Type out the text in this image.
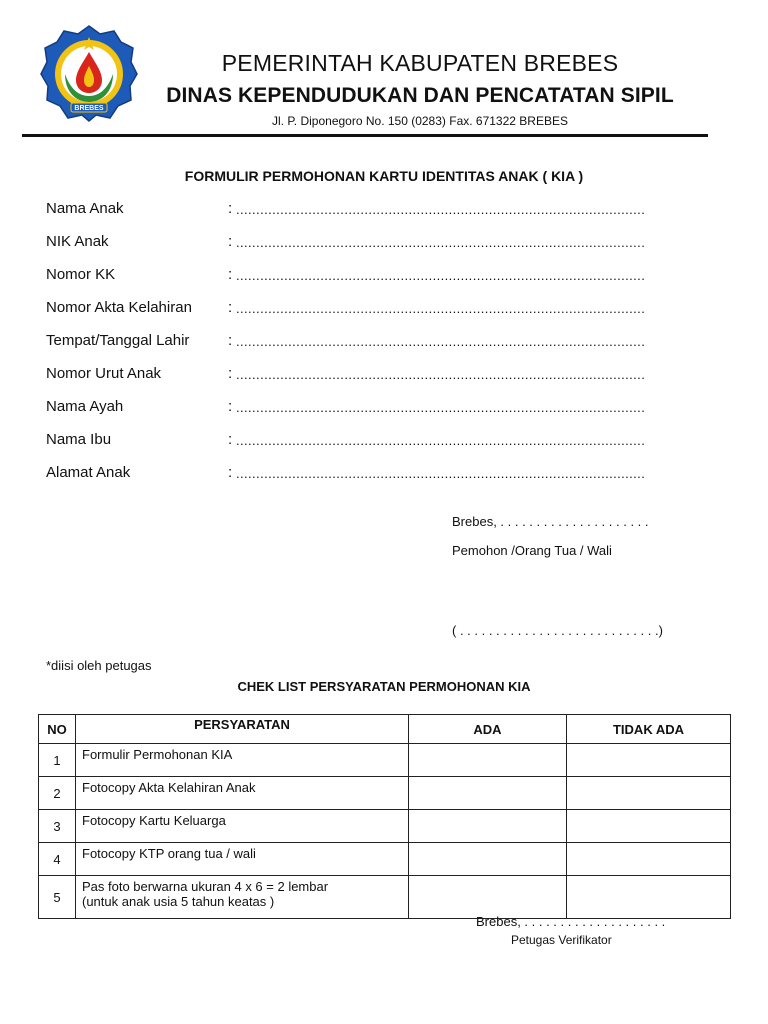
BREBES
PEMERINTAH KABUPATEN BREBES
DINAS KEPENDUDUKAN DAN PENCATATAN SIPIL
Jl. P. Diponegoro No. 150 (0283) Fax. 671322 BREBES
FORMULIR PERMOHONAN KARTU IDENTITAS ANAK ( KIA )
Nama Anak	: ......................................................................................................
NIK Anak	: ......................................................................................................
Nomor KK	: ......................................................................................................
Nomor Akta Kelahiran : ......................................................................................................
Tempat/Tanggal Lahir	: ......................................................................................................
Nomor Urut Anak	: ......................................................................................................
Nama Ayah	: ......................................................................................................
Nama Ibu	: ......................................................................................................
Alamat Anak	: ......................................................................................................
Brebes, . . . . . . . . . . . . . . . . . . . . .
Pemohon /Orang Tua / Wali
( . . . . . . . . . . . . . . . . . . . . . . . . . . . .)
*diisi oleh petugas
CHEK LIST PERSYARATAN PERMOHONAN KIA
NO	PERSYARATAN	ADA	TIDAK ADA
1	Formulir Permohonan KIA		
2	Fotocopy Akta Kelahiran Anak		
3	Fotocopy Kartu Keluarga		
4	Fotocopy KTP orang tua / wali		
5	Pas foto berwarna ukuran 4 x 6 = 2 lembar
(untuk anak usia 5 tahun keatas )		

Brebes, . . . . . . . . . . . . . . . . . . . .
Petugas Verifikator
